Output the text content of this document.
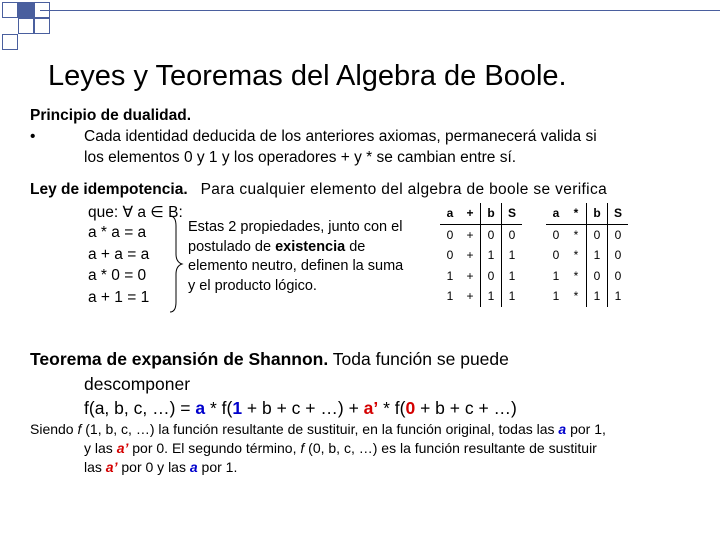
Leyes y Teoremas del Algebra de Boole.
Principio de dualidad.
•	Cada identidad deducida de los anteriores axiomas, permanecerá valida si
los elementos 0 y 1 y los operadores + y * se cambian entre sí.
Ley de idempotencia. Para cualquier elemento del algebra de boole se verifica
que: ∀ a ∈ B:
a * a = a
a + a = a
a * 0 = 0
a + 1 = 1
Estas 2 propiedades, junto con el
postulado de existencia de
elemento neutro, definen la suma
y el producto lógico.
a	+	b	S
0	+	0	0
0	+	1	1
1	+	0	1
1	+	1	1
a	*	b	S
0	*	0	0
0	*	1	0
1	*	0	0
1	*	1	1
Teorema de expansión de Shannon. Toda función se puede
descomponer
f(a, b, c, …) = a * f(1 + b + c + …) + a’ * f(0 + b + c + …)
Siendo f (1, b, c, …) la función resultante de sustituir, en la función original, todas las a por 1,
y las a’ por 0. El segundo término, f (0, b, c, …) es la función resultante de sustituir
las a’ por 0 y las a por 1.
